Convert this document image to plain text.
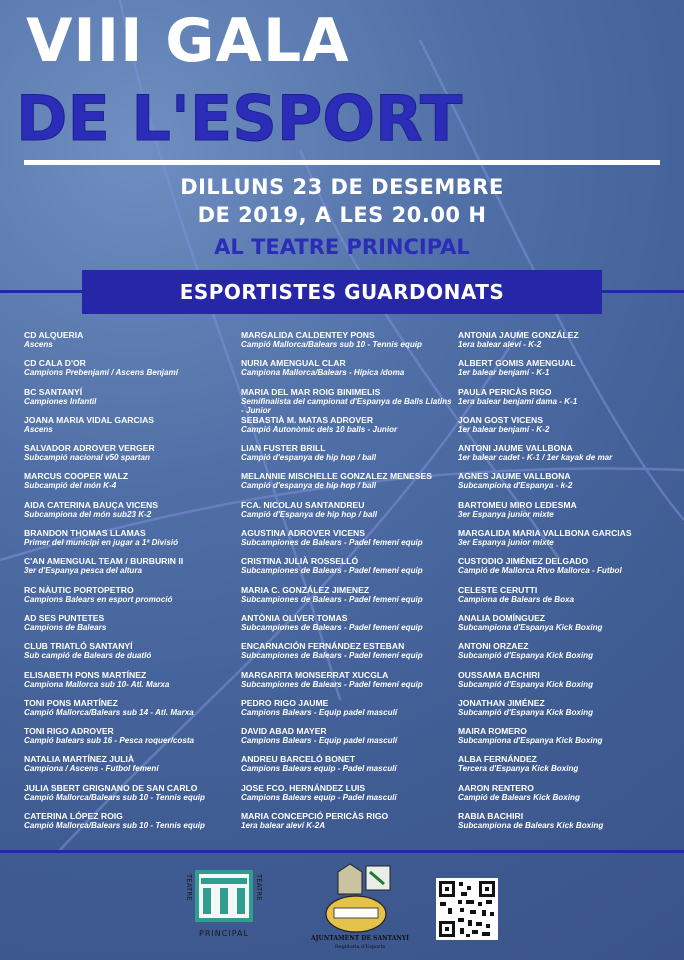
VIII GALA
DE L'ESPORT
DILLUNS 23 DE DESEMBRE
DE 2019, A LES 20.00 H
AL TEATRE PRINCIPAL
ESPORTISTES GUARDONATS
CD ALQUERIA
Ascens
CD CALA D'OR
Campions Prebenjamí / Ascens Benjamí
BC SANTANYÍ
Campiones Infantil
JOANA MARIA VIDAL GARCIAS
Ascens
SALVADOR ADROVER VERGER
Subcampió nacional v50 spartan
MARCUS COOPER WALZ
Subcampió del món K-4
AIDA CATERINA BAUÇA VICENS
Subcampiona del món sub23 K-2
BRANDON THOMAS LLAMAS
Primer del municipi en jugar a 1ª Divisió
C'AN AMENGUAL TEAM / BURBURIN II
3er d'Espanya pesca del altura
RC NÀUTIC PORTOPETRO
Campions Balears en esport promoció
AD SES PUNTETES
Campions de Balears
CLUB TRIATLÓ SANTANYÍ
Sub campió de Balears de duatló
ELISABETH PONS MARTÍNEZ
Campiona Mallorca sub 10- Atl. Marxa
TONI PONS MARTÍNEZ
Campió Mallorca/Balears sub 14 - Atl. Marxa
TONI RIGO ADROVER
Campió balears sub 16 - Pesca roquer/costa
NATALIA MARTÍNEZ JULIÀ
Campiona / Ascens - Futbol femení
JULIA SBERT GRIGNANO DE SAN CARLO
Campió Mallorca/Balears sub 10 - Tennis equip
CATERINA LÓPEZ ROIG
Campió Mallorca/Balears sub 10 - Tennis equip
MARGALIDA CALDENTEY PONS
Campió Mallorca/Balears sub 10 - Tennis equip
NURIA AMENGUAL CLAR
Campiona Mallorca/Balears - Hípica /doma
MARIA DEL MAR ROIG BINIMELIS
Semifinalista del campionat d'Espanya de Balls Llatins - Junior
SEBASTIÀ M. MATAS ADROVER
Campió Autonòmic dels 10 balls - Junior
LIAN FUSTER BRILL
Campió d'espanya de hip hop / ball
MELANNIE MISCHELLE GONZALEZ MENESES
Campió d'espanya de hip hop / ball
FCA. NICOLAU SANTANDREU
Campió d'Espanya de hip hop / ball
AGUSTINA ADROVER VICENS
Subcampiones de Balears - Padel femení equip
CRISTINA JULIÀ ROSSELLÓ
Subcampiones de Balears - Padel femení equip
MARIA C. GONZÁLEZ JIMENEZ
Subcampiones de Balears - Padel femení equip
ANTÒNIA OLIVER TOMAS
Subcampiones de Balears - Padel femení equip
ENCARNACIÓN FERNÁNDEZ ESTEBAN
Subcampiones de Balears - Padel femení equip
MARGARITA MONSERRAT XUCGLA
Subcampiones de Balears - Padel femení equip
PEDRO RIGO JAUME
Campions Balears - Equip padel masculí
DAVID ABAD MAYER
Campions Balears - Equip padel masculí
ANDREU BARCELÓ BONET
Campions Balears equip - Padel masculí
JOSE FCO. HERNÁNDEZ LUIS
Campions Balears equip - Padel masculí
MARIA CONCEPCIÓ PERICÀS RIGO
1era balear aleví K-2A
ANTONIA JAUME GONZÁLEZ
1era balear aleví - K-2
ALBERT GOMIS AMENGUAL
1er balear benjamí - K-1
PAULA PERICÀS RIGO
1era balear benjamí dama - K-1
JOAN GOST VICENS
1er balear benjamí - K-2
ANTONI JAUME VALLBONA
1er balear cadet - K-1 / 1er kayak de mar
AGNES JAUME VALLBONA
Subcampiona d'Espanya - k-2
BARTOMEU MIRO LEDESMA
3er Espanya junior mixte
MARGALIDA MARIA VALLBONA GARCIAS
3er Espanya junior mixte
CUSTODIO JIMÉNEZ DELGADO
Campió de Mallorca Rtvo Mallorca - Futbol
CELESTE CERUTTI
Campiona de Balears de Boxa
ANALIA DOMÍNGUEZ
Subcampiona d'Espanya Kick Boxing
ANTONI ORZAEZ
Subcampió d'Espanya Kick Boxing
OUSSAMA BACHIRI
Subcampió d'Espanya Kick Boxing
JONATHAN JIMÉNEZ
Subcampió d'Espanya Kick Boxing
MAIRA ROMERO
Subcampiona d'Espanya Kick Boxing
ALBA FERNÁNDEZ
Tercera d'Espanya Kick Boxing
AARON RENTERO
Campió de Balears Kick Boxing
RABIA BACHIRI
Subcampiona de Balears Kick Boxing
TEATRE	TEATRE
PRINCIPAL
AJUNTAMENT DE SANTANYÍ
Regidoria d'Esports
